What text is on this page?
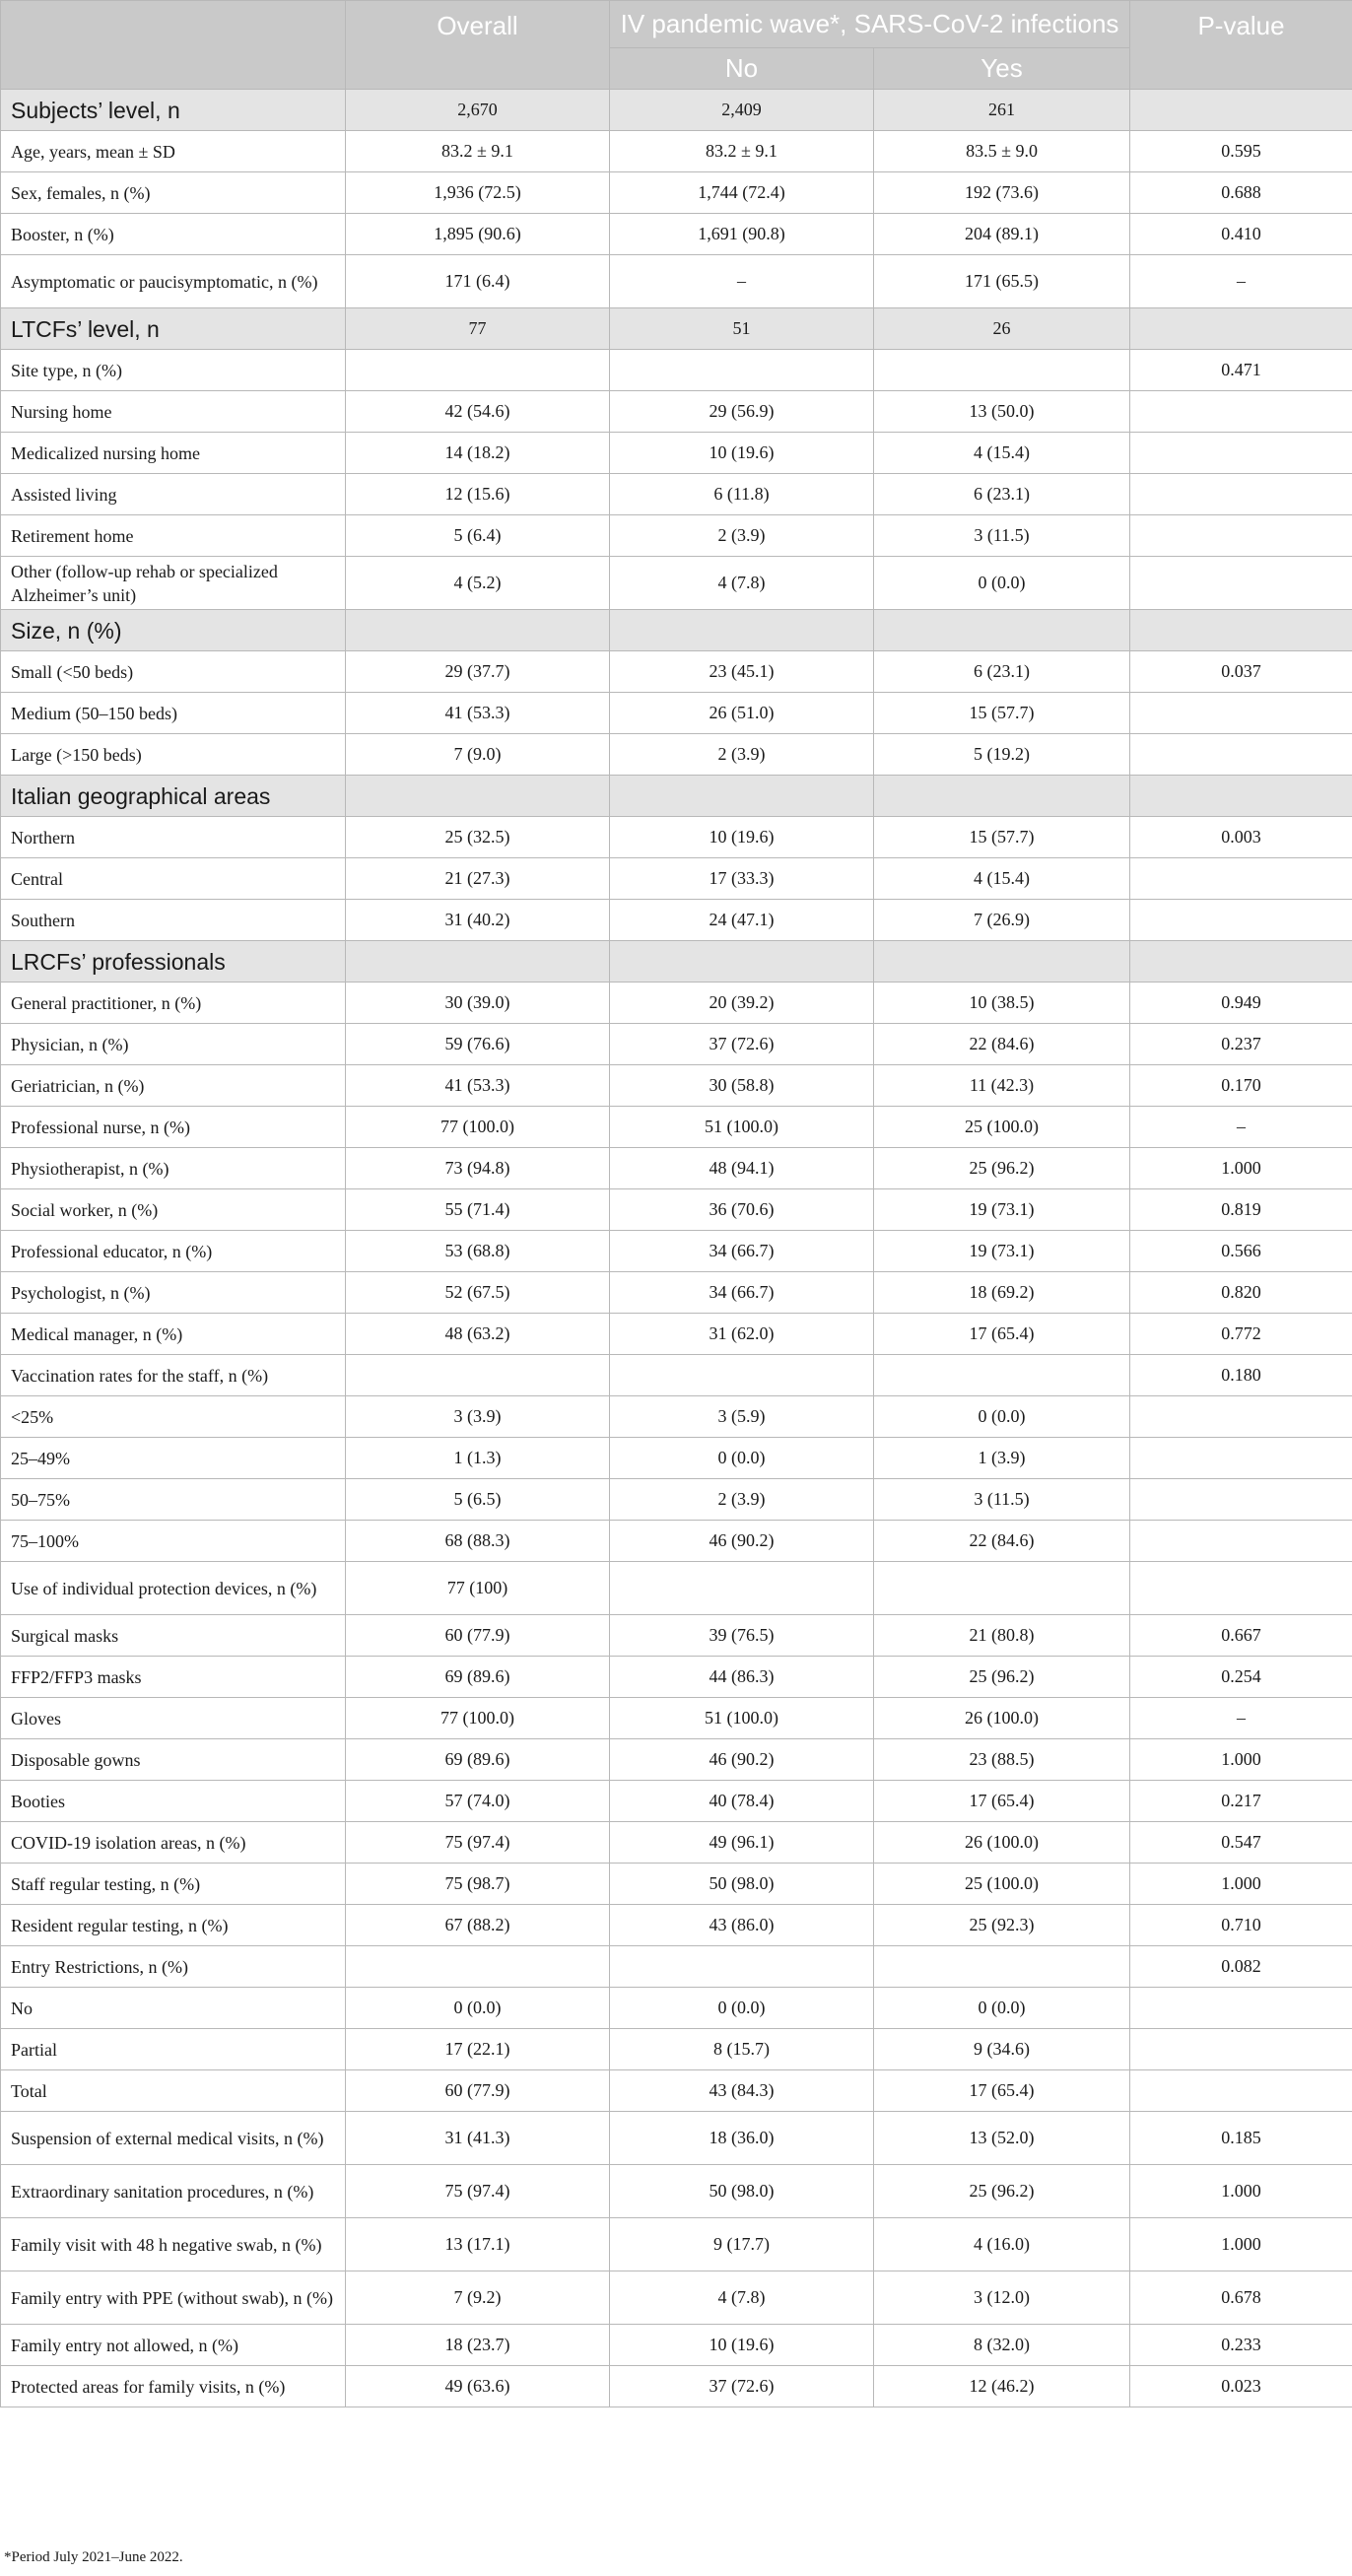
	Overall	IV pandemic wave*, SARS-CoV-2 infections		P-value
		No	Yes	
Subjects’ level, n	2,670	2,409	261	
Age, years, mean ± SD	83.2 ± 9.1	83.2 ± 9.1	83.5 ± 9.0	0.595
Sex, females, n (%)	1,936 (72.5)	1,744 (72.4)	192 (73.6)	0.688
Booster, n (%)	1,895 (90.6)	1,691 (90.8)	204 (89.1)	0.410
Asymptomatic or paucisymptomatic, n (%)	171 (6.4)	–	171 (65.5)	–
LTCFs’ level, n	77	51	26	
Site type, n (%)				0.471
Nursing home	42 (54.6)	29 (56.9)	13 (50.0)	
Medicalized nursing home	14 (18.2)	10 (19.6)	4 (15.4)	
Assisted living	12 (15.6)	6 (11.8)	6 (23.1)	
Retirement home	5 (6.4)	2 (3.9)	3 (11.5)	
Other (follow-up rehab or specialized Alzheimer’s unit)	4 (5.2)	4 (7.8)	0 (0.0)	
Size, n (%)				
Small (<50 beds)	29 (37.7)	23 (45.1)	6 (23.1)	0.037
Medium (50–150 beds)	41 (53.3)	26 (51.0)	15 (57.7)	
Large (>150 beds)	7 (9.0)	2 (3.9)	5 (19.2)	
Italian geographical areas				
Northern	25 (32.5)	10 (19.6)	15 (57.7)	0.003
Central	21 (27.3)	17 (33.3)	4 (15.4)	
Southern	31 (40.2)	24 (47.1)	7 (26.9)	
LRCFs’ professionals				
General practitioner, n (%)	30 (39.0)	20 (39.2)	10 (38.5)	0.949
Physician, n (%)	59 (76.6)	37 (72.6)	22 (84.6)	0.237
Geriatrician, n (%)	41 (53.3)	30 (58.8)	11 (42.3)	0.170
Professional nurse, n (%)	77 (100.0)	51 (100.0)	25 (100.0)	–
Physiotherapist, n (%)	73 (94.8)	48 (94.1)	25 (96.2)	1.000
Social worker, n (%)	55 (71.4)	36 (70.6)	19 (73.1)	0.819
Professional educator, n (%)	53 (68.8)	34 (66.7)	19 (73.1)	0.566
Psychologist, n (%)	52 (67.5)	34 (66.7)	18 (69.2)	0.820
Medical manager, n (%)	48 (63.2)	31 (62.0)	17 (65.4)	0.772
Vaccination rates for the staff, n (%)				0.180
<25%	3 (3.9)	3 (5.9)	0 (0.0)	
25–49%	1 (1.3)	0 (0.0)	1 (3.9)	
50–75%	5 (6.5)	2 (3.9)	3 (11.5)	
75–100%	68 (88.3)	46 (90.2)	22 (84.6)	
Use of individual protection devices, n (%)	77 (100)			
Surgical masks	60 (77.9)	39 (76.5)	21 (80.8)	0.667
FFP2/FFP3 masks	69 (89.6)	44 (86.3)	25 (96.2)	0.254
Gloves	77 (100.0)	51 (100.0)	26 (100.0)	–
Disposable gowns	69 (89.6)	46 (90.2)	23 (88.5)	1.000
Booties	57 (74.0)	40 (78.4)	17 (65.4)	0.217
COVID-19 isolation areas, n (%)	75 (97.4)	49 (96.1)	26 (100.0)	0.547
Staff regular testing, n (%)	75 (98.7)	50 (98.0)	25 (100.0)	1.000
Resident regular testing, n (%)	67 (88.2)	43 (86.0)	25 (92.3)	0.710
Entry Restrictions, n (%)				0.082
No	0 (0.0)	0 (0.0)	0 (0.0)	
Partial	17 (22.1)	8 (15.7)	9 (34.6)	
Total	60 (77.9)	43 (84.3)	17 (65.4)	
Suspension of external medical visits, n (%)	31 (41.3)	18 (36.0)	13 (52.0)	0.185
Extraordinary sanitation procedures, n (%)	75 (97.4)	50 (98.0)	25 (96.2)	1.000
Family visit with 48 h negative swab, n (%)	13 (17.1)	9 (17.7)	4 (16.0)	1.000
Family entry with PPE (without swab), n (%)	7 (9.2)	4 (7.8)	3 (12.0)	0.678
Family entry not allowed, n (%)	18 (23.7)	10 (19.6)	8 (32.0)	0.233
Protected areas for family visits, n (%)	49 (63.6)	37 (72.6)	12 (46.2)	0.023
*Period July 2021–June 2022.
